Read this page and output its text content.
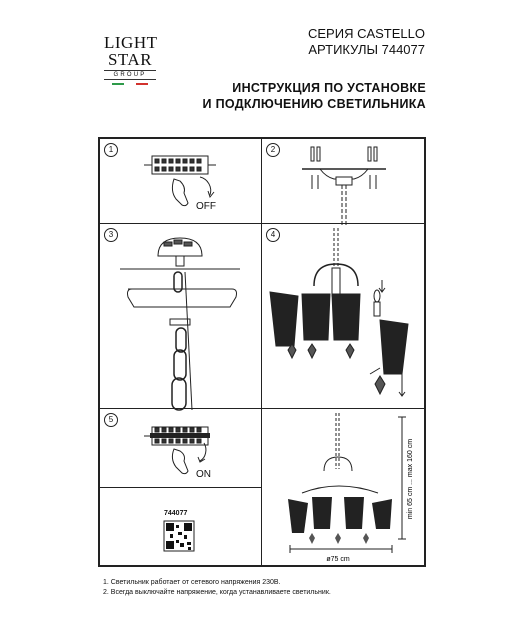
LIGHT
STAR
GROUP
СЕРИЯ CASTELLO
АРТИКУЛЫ 744077
ИНСТРУКЦИЯ ПО УСТАНОВКЕ
И ПОДКЛЮЧЕНИЮ СВЕТИЛЬНИКА
1
OFF
2
3	4
5
ON
744077	min 65 cm ... max 160 cm
ø75 cm
1. Светильник работает от сетевого напряжения 230В.
2. Всегда выключайте напряжение, когда устанавливаете светильник.
